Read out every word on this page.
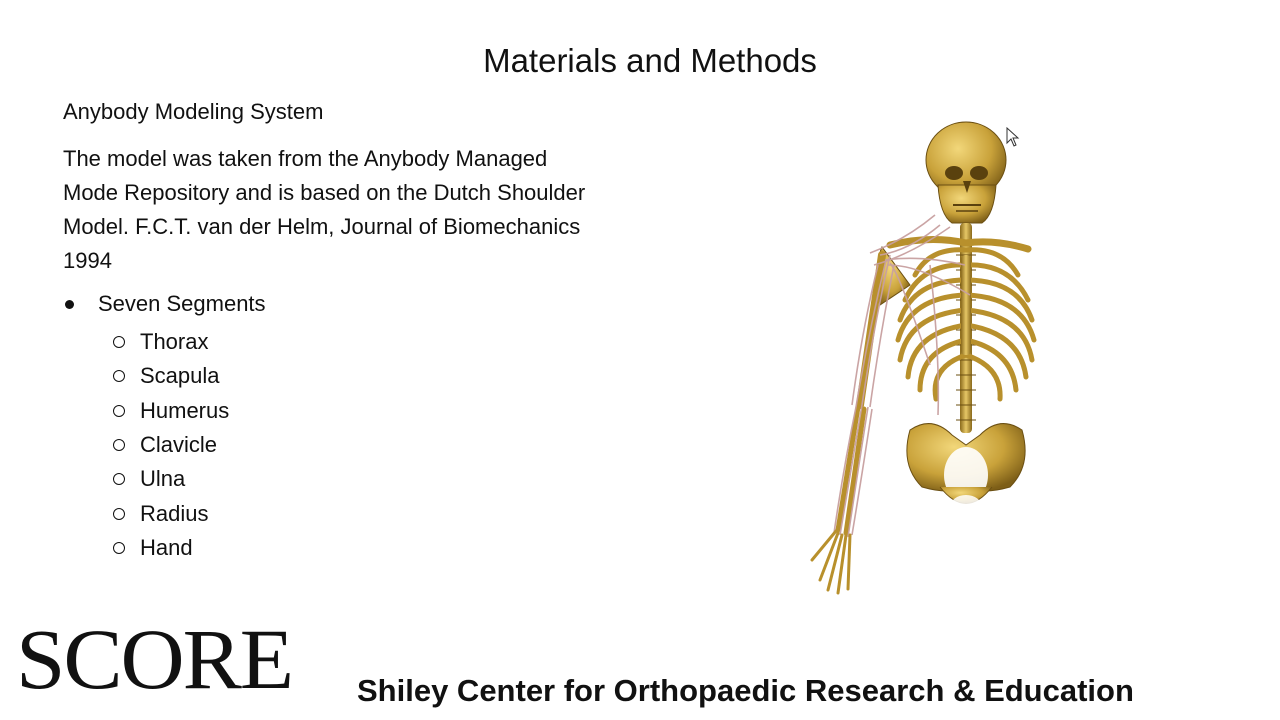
Materials and Methods
Anybody Modeling System
The model was taken from the Anybody Managed
Mode Repository and is based on the Dutch Shoulder
Model. F.C.T. van der Helm, Journal of Biomechanics
1994
Seven Segments
Thorax
Scapula
Humerus
Clavicle
Ulna
Radius
Hand
SCORE Shiley Center for Orthopaedic Research & Education
